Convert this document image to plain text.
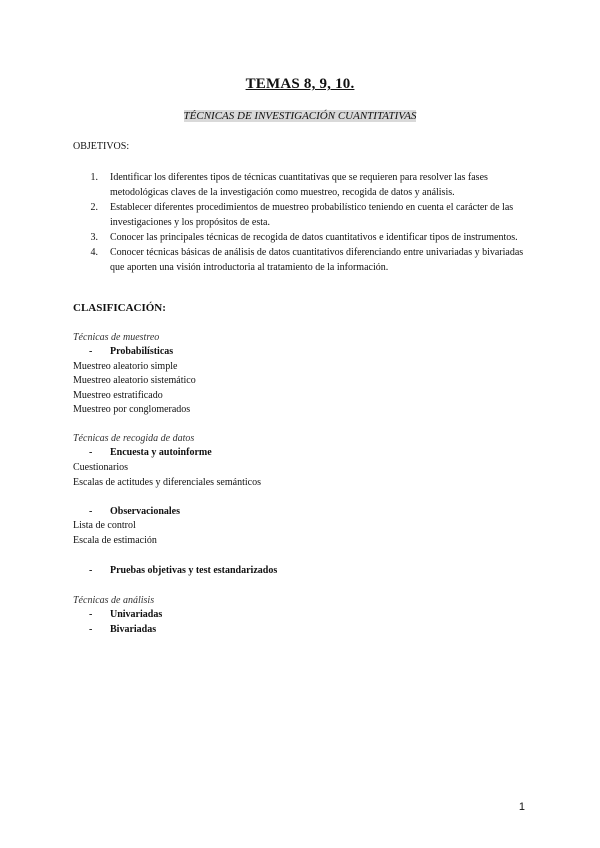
TEMAS 8, 9, 10.
TÉCNICAS DE INVESTIGACIÓN CUANTITATIVAS
OBJETIVOS:
1. Identificar los diferentes tipos de técnicas cuantitativas que se requieren para resolver las fases metodológicas claves de la investigación como muestreo, recogida de datos y análisis.
2. Establecer diferentes procedimientos de muestreo probabilístico teniendo en cuenta el carácter de las investigaciones y los propósitos de esta.
3. Conocer las principales técnicas de recogida de datos cuantitativos e identificar tipos de instrumentos.
4. Conocer técnicas básicas de análisis de datos cuantitativos diferenciando entre univariadas y bivariadas que aporten una visión introductoria al tratamiento de la información.
CLASIFICACIÓN:
Técnicas de muestreo
- Probabilísticas
Muestreo aleatorio simple
Muestreo aleatorio sistemático
Muestreo estratificado
Muestreo por conglomerados
Técnicas de recogida de datos
- Encuesta y autoinforme
Cuestionarios
Escalas de actitudes y diferenciales semánticos
- Observacionales
Lista de control
Escala de estimación
- Pruebas objetivas y test estandarizados
Técnicas de análisis
- Univariadas
- Bivariadas
1
